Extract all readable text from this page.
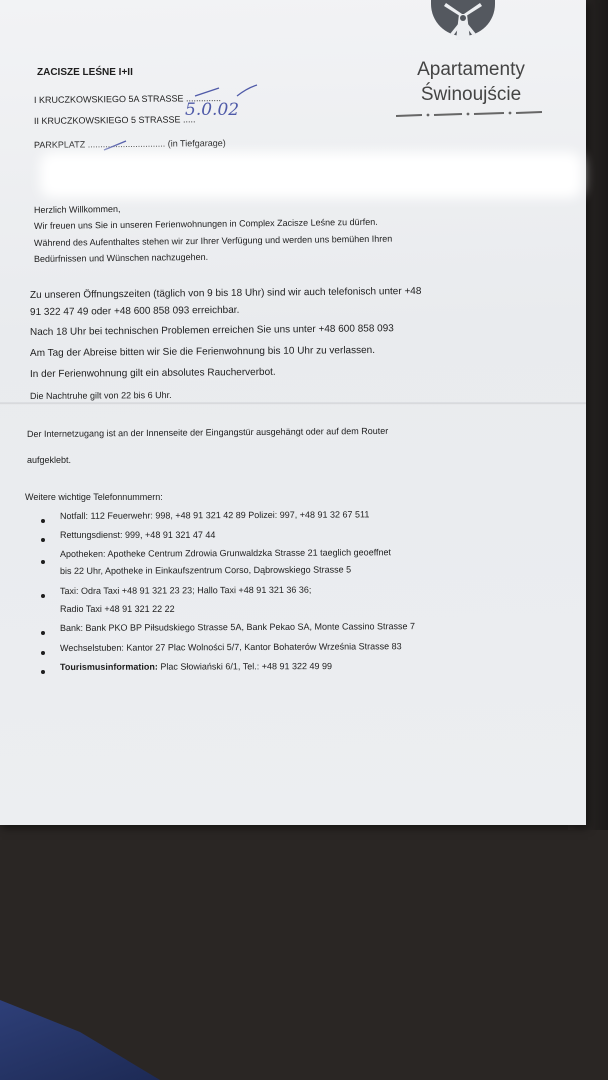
Apartamenty
Świnoujście
ZACISZE LEŚNE I+II
I KRUCZKOWSKIEGO 5A STRASSE ..............
II KRUCZKOWSKIEGO 5 STRASSE .....
PARKPLATZ ............................... (in Tiefgarage)
5.0.02
Herzlich Willkommen,
Wir freuen uns Sie in unseren Ferienwohnungen in Complex Zacisze Leśne zu dürfen.
Während des Aufenthaltes stehen wir zur Ihrer Verfügung und werden uns bemühen Ihren
Bedürfnissen und Wünschen nachzugehen.
Zu unseren Öffnungszeiten (täglich von 9 bis 18 Uhr) sind wir auch telefonisch unter +48
91 322 47 49 oder +48 600 858 093 erreichbar.
Nach 18 Uhr bei technischen Problemen erreichen Sie uns unter +48 600 858 093
Am Tag der Abreise bitten wir Sie die Ferienwohnung bis 10 Uhr zu verlassen.
In der Ferienwohnung gilt ein absolutes Raucherverbot.
Die Nachtruhe gilt von 22 bis 6 Uhr.
Der Internetzugang ist an der Innenseite der Eingangstür ausgehängt oder auf dem Router
aufgeklebt.
Weitere wichtige Telefonnummern:
Notfall: 112 Feuerwehr: 998, +48 91 321 42 89 Polizei: 997, +48 91 32 67 511
Rettungsdienst: 999, +48 91 321 47 44
Apotheken: Apotheke Centrum Zdrowia Grunwaldzka Strasse 21 taeglich geoeffnet
bis 22 Uhr, Apotheke in Einkaufszentrum Corso, Dąbrowskiego Strasse 5
Taxi: Odra Taxi +48 91 321 23 23; Hallo Taxi +48 91 321 36 36;
Radio Taxi +48 91 321 22 22
Bank: Bank PKO BP Piłsudskiego Strasse 5A, Bank Pekao SA, Monte Cassino Strasse 7
Wechselstuben: Kantor 27 Plac Wolności 5/7, Kantor Bohaterów Września Strasse 83
Tourismusinformation: Plac Słowiański 6/1, Tel.: +48 91 322 49 99
